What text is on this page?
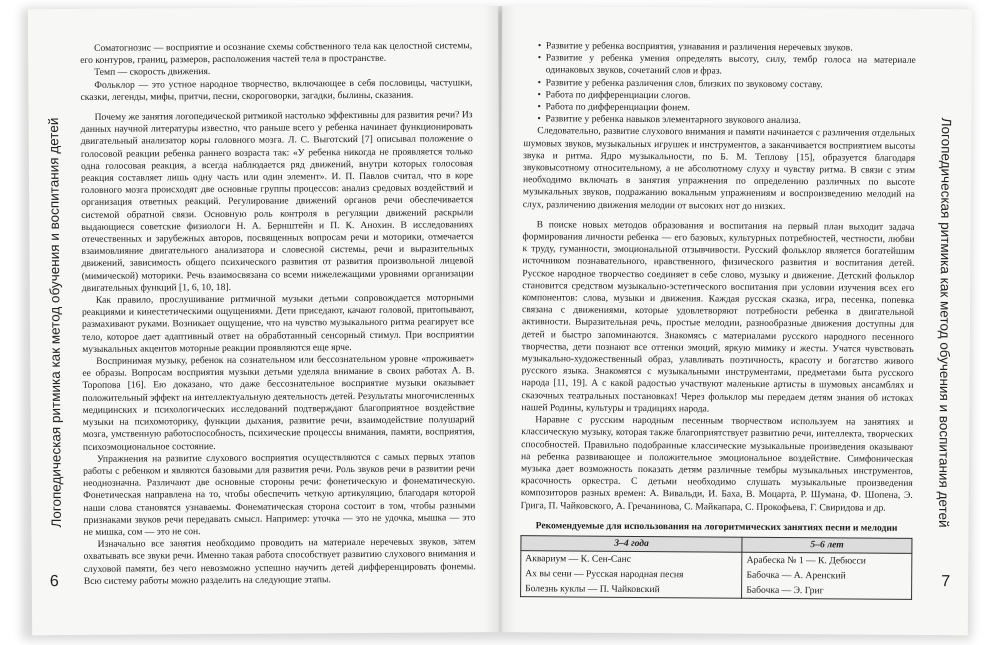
Логопедическая ритмика как метод обучения и воспитания детей

Соматогнозис — восприятие и осознание схемы собственного тела как целостной системы, его контуров, границ, размеров, расположения частей тела в пространстве.

Темп — скорость движения.

Фольклор — это устное народное творчество, включающее в себя пословицы, частушки, сказки, легенды, мифы, притчи, песни, скороговорки, загадки, былины, сказания.

Почему же занятия логопедической ритмикой настолько эффективны для развития речи? Из данных научной литературы известно, что раньше всего у ребенка начинает функционировать двигательный анализатор коры головного мозга. Л. С. Выготский [7] описывал положение о голосовой реакции ребенка раннего возраста так: «У ребенка никогда не проявляется только одна голосовая реакция, а всегда наблюдается ряд движений, внутри которых голосовая реакция составляет лишь одну часть или один элемент». И. П. Павлов считал, что в коре головного мозга происходят две основные группы процессов: анализ средовых воздействий и организация ответных реакций. Регулирование движений органов речи обеспечивается системой обратной связи. Основную роль контроля в регуляции движений раскрыли выдающиеся советские физиологи Н. А. Бернштейн и П. К. Анохин. В исследованиях отечественных и зарубежных авторов, посвященных вопросам речи и моторики, отмечается взаимовлияние двигательного анализатора и словесной системы, речи и выразительных движений, зависимость общего психического развития от развития произвольной лицевой (мимической) моторики. Речь взаимосвязана со всеми нижележащими уровнями организации двигательных функций [1, 6, 10, 18].

Как правило, прослушивание ритмичной музыки детьми сопровождается моторными реакциями и кинестетическими ощущениями. Дети приседают, качают головой, притопывают, размахивают руками. Возникает ощущение, что на чувство музыкального ритма реагирует все тело, которое дает адаптивный ответ на обработанный сенсорный стимул. При восприятии музыкальных акцентов моторные реакции проявляются еще ярче.

Воспринимая музыку, ребенок на сознательном или бессознательном уровне «проживает» ее образы. Вопросам восприятия музыки детьми уделяла внимание в своих работах А. В. Торопова [16]. Ею доказано, что даже бессознательное восприятие музыки оказывает положительный эффект на интеллектуальную деятельность детей. Результаты многочисленных медицинских и психологических исследований подтверждают благоприятное воздействие музыки на психомоторику, функции дыхания, развитие речи, взаимодействие полушарий мозга, умственную работоспособность, психические процессы внимания, памяти, восприятия, психоэмоциональное состояние.

Упражнения на развитие слухового восприятия осуществляются с самых первых этапов работы с ребенком и являются базовыми для развития речи. Роль звуков речи в развитии речи неоднозначна. Различают две основные стороны речи: фонетическую и фонематическую. Фонетическая направлена на то, чтобы обеспечить четкую артикуляцию, благодаря которой наши слова становятся узнаваемы. Фонематическая сторона состоит в том, чтобы разными признаками звуков речи передавать смысл. Например: уточка — это не удочка, мышка — это не мишка, сом — это не сон.

Изначально все занятия необходимо проводить на материале неречевых звуков, затем охватывать все звуки речи. Именно такая работа способствует развитию слухового внимания и слуховой памяти, без чего невозможно успешно научить детей дифференцировать фонемы. Всю систему работы можно разделить на следующие этапы.

6
Логопедическая ритмика как метод обучения и воспитания детей
• Развитие у ребенка восприятия, узнавания и различения неречевых звуков.
• Развитие у ребенка умения определять высоту, силу, тембр голоса на материале одинаковых звуков, сочетаний слов и фраз.
• Развитие у ребенка различения слов, близких по звуковому составу.
• Работа по дифференциации слогов.
• Работа по дифференциации фонем.
• Развитие у ребенка навыков элементарного звукового анализа.

Следовательно, развитие слухового внимания и памяти начинается с различения отдельных шумовых звуков, музыкальных игрушек и инструментов, а заканчивается восприятием высоты звука и ритма. Ядро музыкальности, по Б. М. Теплову [15], образуется благодаря звуковысотному относительному, а не абсолютному слуху и чувству ритма. В связи с этим необходимо включать в занятия упражнения по определению различных по высоте музыкальных звуков, подражанию вокальным упражнениям и воспроизведению мелодий на слух, различению движения мелодии от высоких нот до низких.

В поиске новых методов образования и воспитания на первый план выходит задача формирования личности ребенка — его базовых, культурных потребностей, честности, любви к труду, гуманности, эмоциональной отзывчивости. Русский фольклор является богатейшим источником познавательного, нравственного, физического развития и воспитания детей. Русское народное творчество соединяет в себе слово, музыку и движение. Детский фольклор становится средством музыкально-эстетического воспитания при условии изучения всех его компонентов: слова, музыки и движения. Каждая русская сказка, игра, песенка, попевка связана с движениями, которые удовлетворяют потребности ребенка в двигательной активности. Выразительная речь, простые мелодии, разнообразные движения доступны для детей и быстро запоминаются. Знакомясь с материалами русского народного песенного творчества, дети познают все оттенки эмоций, яркую мимику и жесты. Учатся чувствовать музыкально-художественный образ, улавливать поэтичность, красоту и богатство живого русского языка. Знакомятся с музыкальными инструментами, предметами быта русского народа [11, 19]. А с какой радостью участвуют маленькие артисты в шумовых ансамблях и сказочных театральных постановках! Через фольклор мы передаем детям знания об истоках нашей Родины, культуры и традициях народа.

Наравне с русским народным песенным творчеством используем на занятиях и классическую музыку, которая также благоприятствует развитию речи, интеллекта, творческих способностей. Правильно подобранные классические музыкальные произведения оказывают на ребенка развивающее и положительное эмоциональное воздействие. Симфоническая музыка дает возможность показать детям различные тембры музыкальных инструментов, красочность оркестра. С детьми необходимо слушать музыкальные произведения композиторов разных времен: А. Вивальди, И. Баха, В. Моцарта, Р. Шумана, Ф. Шопена, Э. Грига, П. Чайковского, А. Гречанинова, С. Майкапара, С. Прокофьева, Г. Свиридова и др.

Рекомендуемые для использования на логоритмических занятиях песни и мелодии
3–4 года	5–6 лет
Аквариум — К. Сен-Санс	Арабеска № 1 — К. Дебюсси
Ах вы сени — Русская народная песня	Бабочка — А. Аренский
Болезнь куклы — П. Чайковский	Бабочка — Э. Григ
7
